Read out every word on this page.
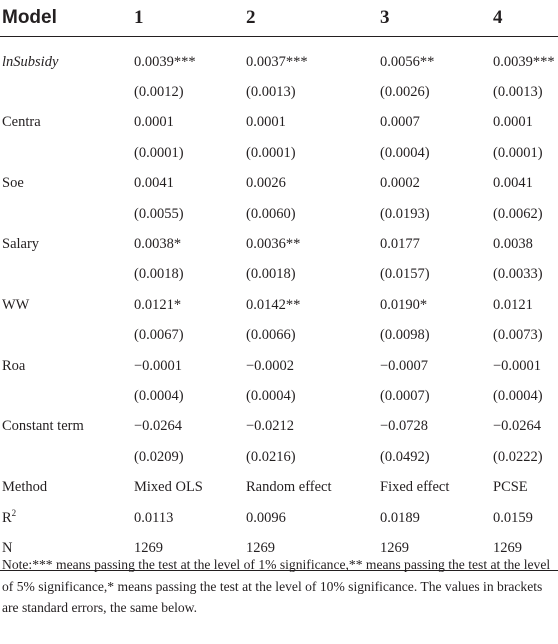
Model	1	2	3	4
lnSubsidy	0.0039***	0.0037***	0.0056**	0.0039***
	(0.0012)	(0.0013)	(0.0026)	(0.0013)
Centra	0.0001	0.0001	0.0007	0.0001
	(0.0001)	(0.0001)	(0.0004)	(0.0001)
Soe	0.0041	0.0026	0.0002	0.0041
	(0.0055)	(0.0060)	(0.0193)	(0.0062)
Salary	0.0038*	0.0036**	0.0177	0.0038
	(0.0018)	(0.0018)	(0.0157)	(0.0033)
WW	0.0121*	0.0142**	0.0190*	0.0121
	(0.0067)	(0.0066)	(0.0098)	(0.0073)
Roa	−0.0001	−0.0002	−0.0007	−0.0001
	(0.0004)	(0.0004)	(0.0007)	(0.0004)
Constant term	−0.0264	−0.0212	−0.0728	−0.0264
	(0.0209)	(0.0216)	(0.0492)	(0.0222)
Method	Mixed OLS	Random effect	Fixed effect	PCSE
$R^2$	0.0113	0.0096	0.0189	0.0159
N	1269	1269	1269	1269
Note:*** means passing the test at the level of 1% significance,** means passing the test at the level of 5% significance,* means passing the test at the level of 10% significance. The values in brackets are standard errors, the same below.
